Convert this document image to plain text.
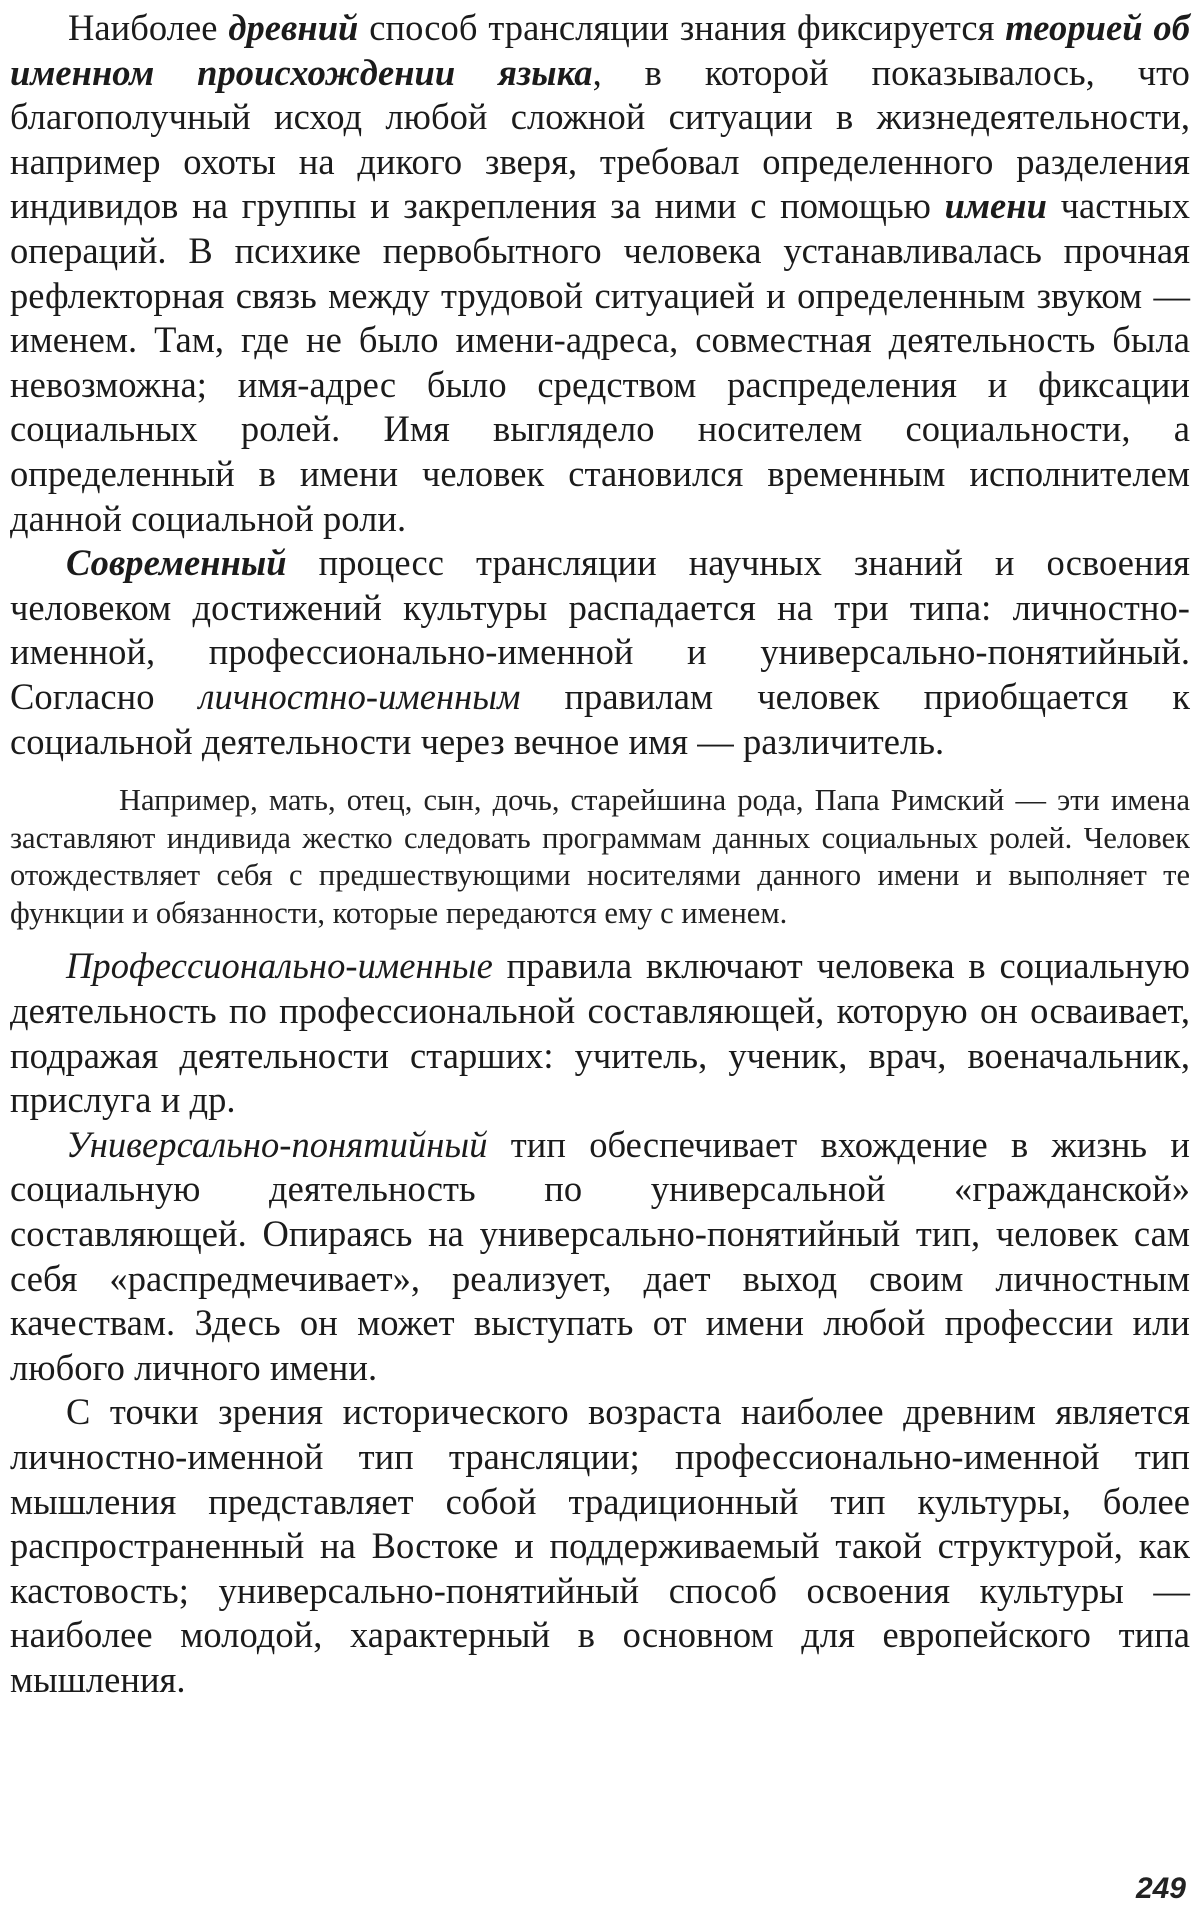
Наиболее древний способ трансляции знания фиксируется теорией об именном происхождении языка, в которой показывалось, что благополучный исход любой сложной ситуации в жизнедеятельности, например охоты на дикого зверя, требовал определенного разделения индивидов на группы и закрепления за ними с помощью имени частных операций. В психике первобытного человека устанавливалась прочная рефлекторная связь между трудовой ситуацией и определенным звуком — именем. Там, где не было имени-адреса, совместная деятельность была невозможна; имя-адрес было средством распределения и фиксации социальных ролей. Имя выглядело носителем социальности, а определенный в имени человек становился временным исполнителем данной социальной роли.

Современный процесс трансляции научных знаний и освоения человеком достижений культуры распадается на три типа: личностно-именной, профессионально-именной и универсально-понятийный. Согласно личностно-именным правилам человек приобщается к социальной деятельности через вечное имя — различитель.

Например, мать, отец, сын, дочь, старейшина рода, Папа Римский — эти имена заставляют индивида жестко следовать программам данных социальных ролей. Человек отождествляет себя с предшествующими носителями данного имени и выполняет те функции и обязанности, которые передаются ему с именем.

Профессионально-именные правила включают человека в социальную деятельность по профессиональной составляющей, которую он осваивает, подражая деятельности старших: учитель, ученик, врач, военачальник, прислуга и др.

Универсально-понятийный тип обеспечивает вхождение в жизнь и социальную деятельность по универсальной «гражданской» составляющей. Опираясь на универсально-понятийный тип, человек сам себя «распредмечивает», реализует, дает выход своим личностным качествам. Здесь он может выступать от имени любой профессии или любого личного имени.

С точки зрения исторического возраста наиболее древним является личностно-именной тип трансляции; профессионально-именной тип мышления представляет собой традиционный тип культуры, более распространенный на Востоке и поддерживаемый такой структурой, как кастовость; универсально-понятийный способ освоения культуры — наиболее молодой, характерный в основном для европейского типа мышления.

249
